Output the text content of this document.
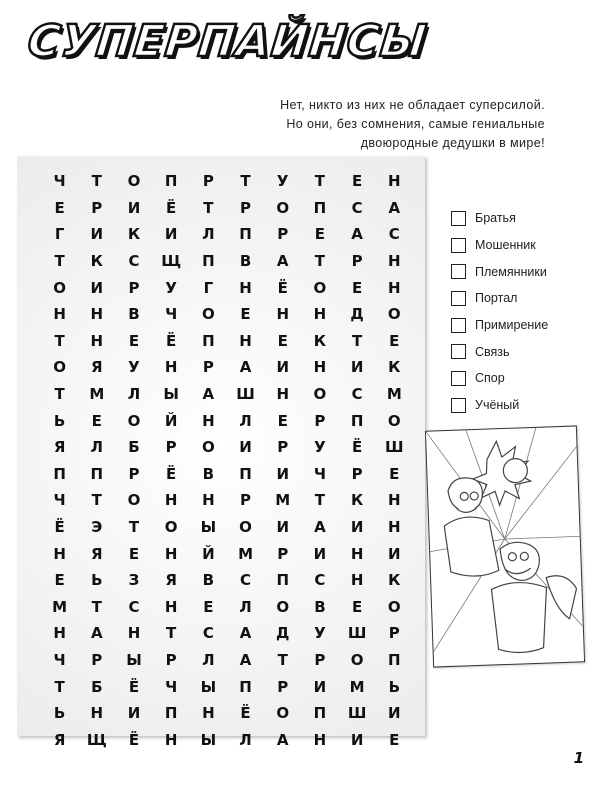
СУПЕРПАЙНСЫ
Нет, никто из них не обладает суперсилой.
Но они, без сомнения, самые гениальные
двоюродные дедушки в мире!
Ч	Т	О	П	Р	Т	У	Т	Е	Н
Е	Р	И	Ё	Т	Р	О	П	С	А
Г	И	К	И	Л	П	Р	Е	А	С
Т	К	С	Щ	П	В	А	Т	Р	Н
О	И	Р	У	Г	Н	Ё	О	Е	Н
Н	Н	В	Ч	О	Е	Н	Н	Д	О
Т	Н	Е	Ё	П	Н	Е	К	Т	Е
О	Я	У	Н	Р	А	И	Н	И	К
Т	М	Л	Ы	А	Ш	Н	О	С	М
Ь	Е	О	Й	Н	Л	Е	Р	П	О
Я	Л	Б	Р	О	И	Р	У	Ё	Ш
П	П	Р	Ё	В	П	И	Ч	Р	Е
Ч	Т	О	Н	Н	Р	М	Т	К	Н
Ё	Э	Т	О	Ы	О	И	А	И	Н
Н	Я	Е	Н	Й	М	Р	И	Н	И
Е	Ь	З	Я	В	С	П	С	Н	К
М	Т	С	Н	Е	Л	О	В	Е	О
Н	А	Н	Т	С	А	Д	У	Ш	Р
Ч	Р	Ы	Р	Л	А	Т	Р	О	П
Т	Б	Ё	Ч	Ы	П	Р	И	М	Ь
Ь	Н	И	П	Н	Ё	О	П	Ш	И
Я	Щ	Ё	Н	Ы	Л	А	Н	И	Е
Братья
Мошенник
Племянники
Портал
Примирение
Связь
Спор
Учёный
1
